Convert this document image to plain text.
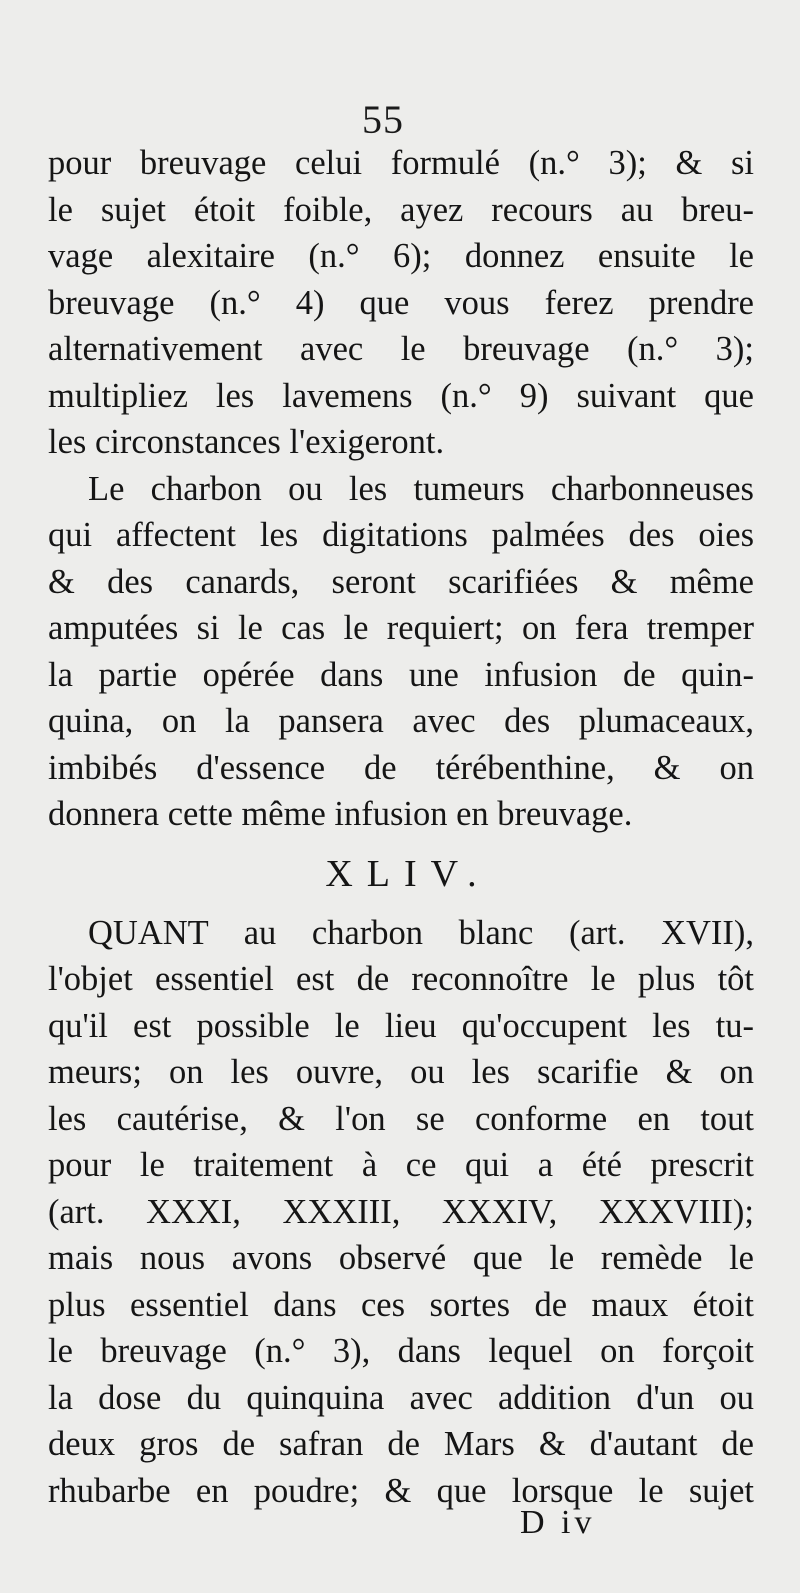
55
pour breuvage celui formulé (n.° 3); & si
le sujet étoit foible, ayez recours au breu-
vage alexitaire (n.° 6); donnez ensuite le
breuvage (n.° 4) que vous ferez prendre
alternativement avec le breuvage (n.° 3);
multipliez les lavemens (n.° 9) suivant que
les circonstances l'exigeront.
Le charbon ou les tumeurs charbonneuses
qui affectent les digitations palmées des oies
& des canards, seront scarifiées & même
amputées si le cas le requiert; on fera tremper
la partie opérée dans une infusion de quin-
quina, on la pansera avec des plumaceaux,
imbibés d'essence de térébenthine, & on
donnera cette même infusion en breuvage.
XLIV.
QUANT au charbon blanc (art. XVII),
l'objet essentiel est de reconnoître le plus tôt
qu'il est possible le lieu qu'occupent les tu-
meurs; on les ouvre, ou les scarifie & on
les cautérise, & l'on se conforme en tout
pour le traitement à ce qui a été prescrit
(art. XXXI, XXXIII, XXXIV, XXXVIII);
mais nous avons observé que le remède le
plus essentiel dans ces sortes de maux étoit
le breuvage (n.° 3), dans lequel on forçoit
la dose du quinquina avec addition d'un ou
deux gros de safran de Mars & d'autant de
rhubarbe en poudre; & que lorsque le sujet
D iv
